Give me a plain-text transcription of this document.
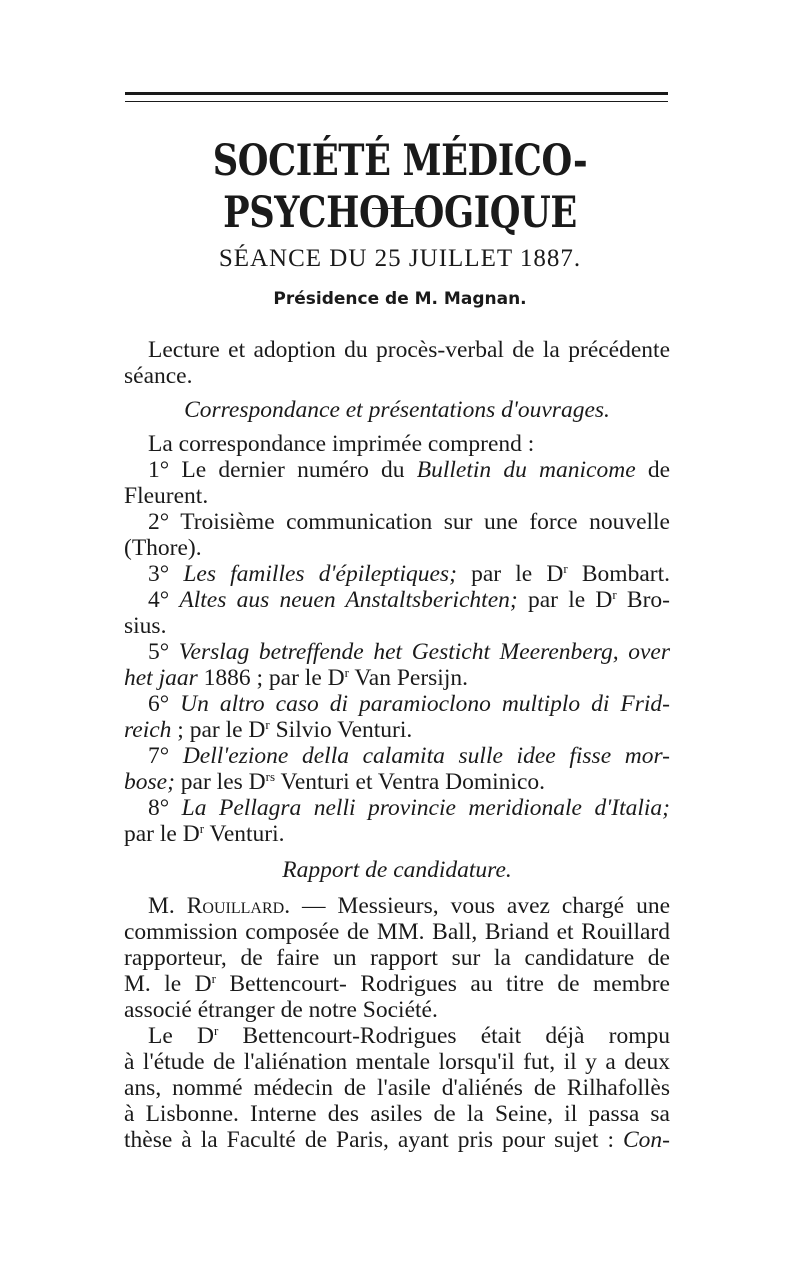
SOCIÉTÉ MÉDICO-PSYCHOLOGIQUE
SÉANCE DU 25 JUILLET 1887.
Présidence de M. Magnan.
Lecture et adoption du procès-verbal de la précédente
séance.
Correspondance et présentations d'ouvrages.
La correspondance imprimée comprend :
1° Le dernier numéro du Bulletin du manicome de
Fleurent.
2° Troisième communication sur une force nouvelle
(Thore).
3° Les familles d'épileptiques; par le $D^r$ Bombart.
4° Altes aus neuen Anstaltsberichten; par le $D^r$ Bro-
sius.
5° Verslag betreffende het Gesticht Meerenberg, over
het jaar 1886 ; par le $D^r$ Van Persijn.
6° Un altro caso di paramioclono multiplo di Frid-
reich ; par le $D^r$ Silvio Venturi.
7° Dell'ezione della calamita sulle idee fisse mor-
bose; par les $D^{rs}$ Venturi et Ventra Dominico.
8° La Pellagra nelli provincie meridionale d'Italia;
par le $D^r$ Venturi.
Rapport de candidature.
M. Rouillard. — Messieurs, vous avez chargé une
commission composée de MM. Ball, Briand et Rouillard
rapporteur, de faire un rapport sur la candidature de
M. le $D^r$ Bettencourt- Rodrigues au titre de membre
associé étranger de notre Société.
Le $D^r$ Bettencourt-Rodrigues était déjà rompu
à l'étude de l'aliénation mentale lorsqu'il fut, il y a deux
ans, nommé médecin de l'asile d'aliénés de Rilhafollès
à Lisbonne. Interne des asiles de la Seine, il passa sa
thèse à la Faculté de Paris, ayant pris pour sujet : Con-
